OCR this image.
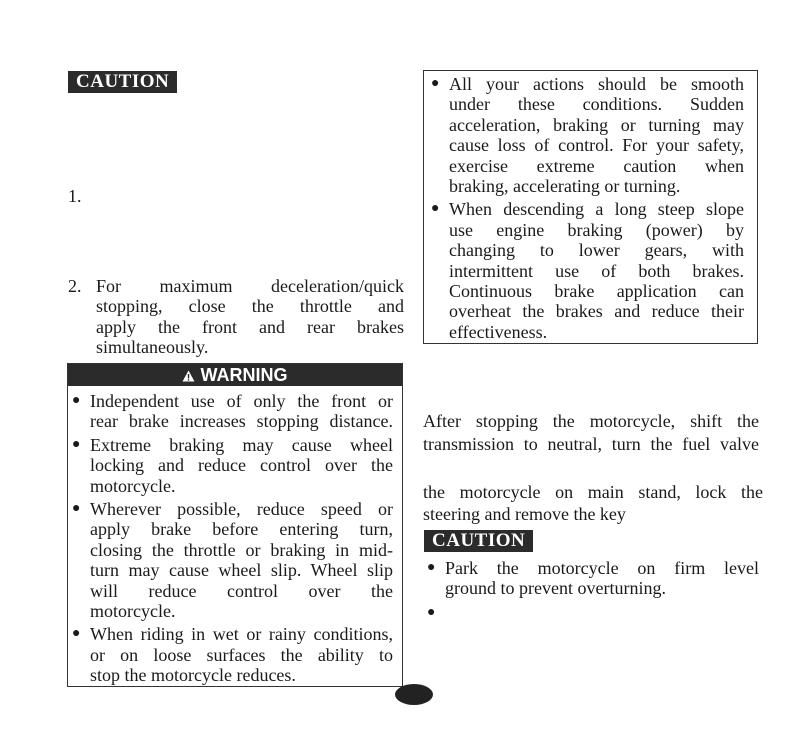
CAUTION
1.
2. For maximum deceleration/quick
stopping, close the throttle and
apply the front and rear brakes
simultaneously.
WARNING
● Independent use of only the front or
rear brake increases stopping distance.
● Extreme braking may cause wheel
locking and reduce control over the
motorcycle.
● Wherever possible, reduce speed or
apply brake before entering turn,
closing the throttle or braking in mid-
turn may cause wheel slip. Wheel slip
will reduce control over the
motorcycle.
● When riding in wet or rainy conditions,
or on loose surfaces the ability to
stop the motorcycle reduces.
● All your actions should be smooth
under these conditions. Sudden
acceleration, braking or turning may
cause loss of control. For your safety,
exercise extreme caution when
braking, accelerating or turning.
● When descending a long steep slope
use engine braking (power) by
changing to lower gears, with
intermittent use of both brakes.
Continuous brake application can
overheat the brakes and reduce their
effectiveness.
After stopping the motorcycle, shift the
transmission to neutral, turn the fuel valve
the motorcycle on main stand, lock the
steering and remove the key
CAUTION
● Park the motorcycle on firm level
ground to prevent overturning.
●
